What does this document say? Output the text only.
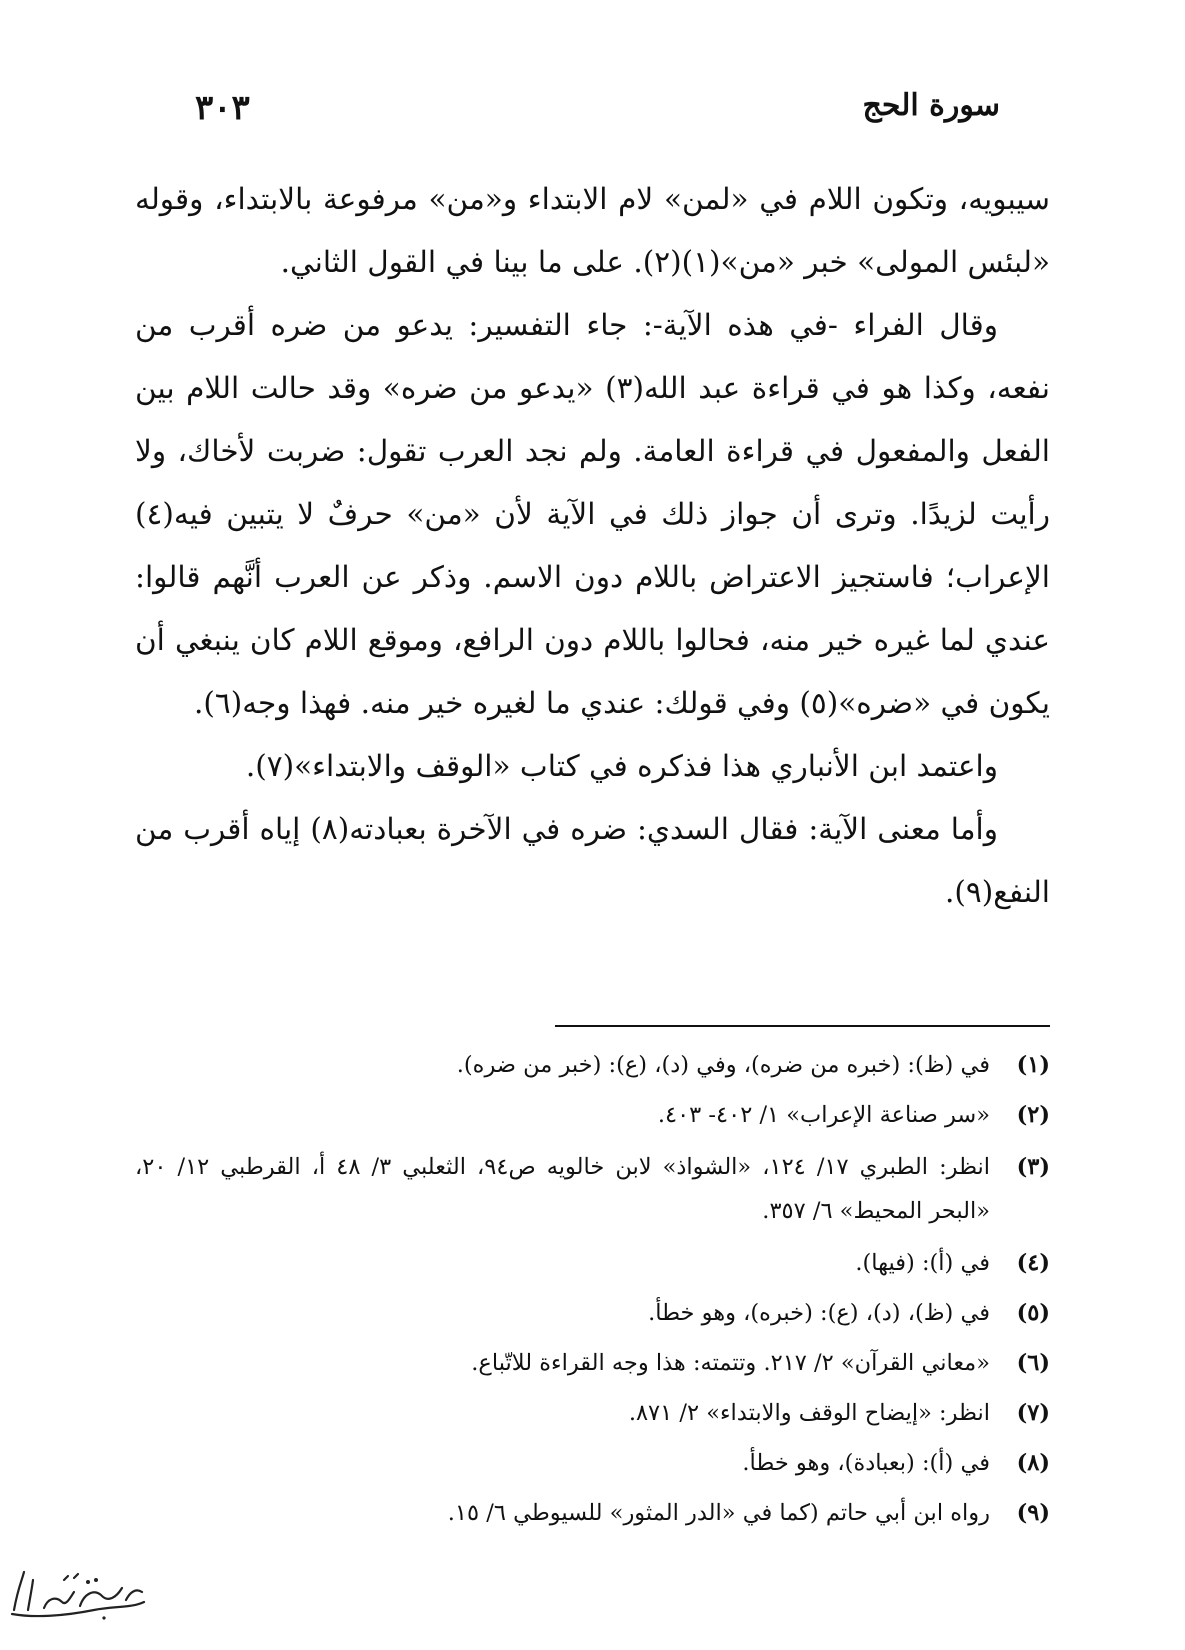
سورة الحج
٣٠٣

سيبويه، وتكون اللام في «لمن» لام الابتداء و«من» مرفوعة بالابتداء، وقوله «لبئس المولى» خبر «من»(١)(٢). على ما بينا في القول الثاني.

وقال الفراء -في هذه الآية-: جاء التفسير: يدعو من ضره أقرب من نفعه، وكذا هو في قراءة عبد الله(٣) «يدعو من ضره» وقد حالت اللام بين الفعل والمفعول في قراءة العامة. ولم نجد العرب تقول: ضربت لأخاك، ولا رأيت لزيدًا. وترى أن جواز ذلك في الآية لأن «من» حرفٌ لا يتبين فيه(٤) الإعراب؛ فاستجيز الاعتراض باللام دون الاسم. وذكر عن العرب أنَّهم قالوا: عندي لما غيره خير منه، فحالوا باللام دون الرافع، وموقع اللام كان ينبغي أن يكون في «ضره»(٥) وفي قولك: عندي ما لغيره خير منه. فهذا وجه(٦).

واعتمد ابن الأنباري هذا فذكره في كتاب «الوقف والابتداء»(٧).

وأما معنى الآية: فقال السدي: ضره في الآخرة بعبادته(٨) إياه أقرب من النفع(٩).

(١)
في (ظ): (خبره من ضره)، وفي (د)، (ع): (خبر من ضره).
(٢)
«سر صناعة الإعراب» ١/ ٤٠٢- ٤٠٣.
(٣)
انظر: الطبري ١٧/ ١٢٤، «الشواذ» لابن خالويه ص٩٤، الثعلبي ٣/ ٤٨ أ، القرطبي ١٢/ ٢٠، «البحر المحيط» ٦/ ٣٥٧.
(٤)
في (أ): (فيها).
(٥)
في (ظ)، (د)، (ع): (خبره)، وهو خطأ.
(٦)
«معاني القرآن» ٢/ ٢١٧. وتتمته: هذا وجه القراءة للاتّباع.
(٧)
انظر: «إيضاح الوقف والابتداء» ٢/ ٨٧١.
(٨)
في (أ): (بعبادة)، وهو خطأ.
(٩)
رواه ابن أبي حاتم (كما في «الدر المثور» للسيوطي ٦/ ١٥.
